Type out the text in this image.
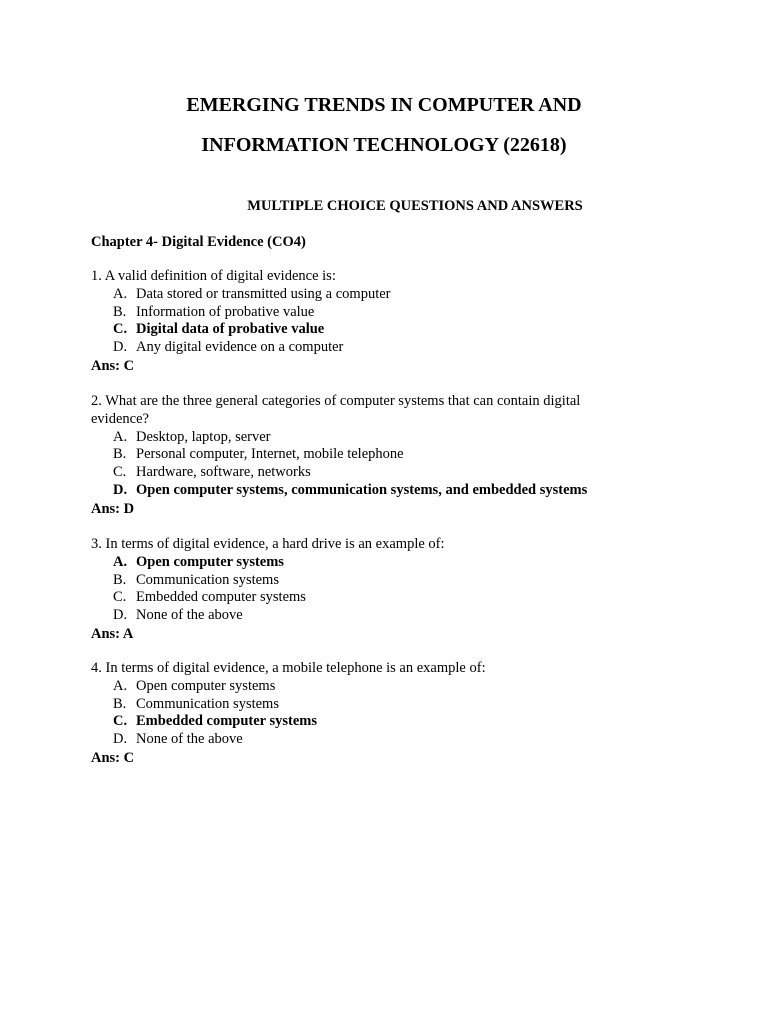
EMERGING TRENDS IN COMPUTER AND
INFORMATION TECHNOLOGY (22618)
MULTIPLE CHOICE QUESTIONS AND ANSWERS
Chapter 4- Digital Evidence (CO4)
1. A valid definition of digital evidence is:
A. Data stored or transmitted using a computer
B. Information of probative value
C. Digital data of probative value
D. Any digital evidence on a computer
Ans: C
2. What are the three general categories of computer systems that can contain digital evidence?
A. Desktop, laptop, server
B. Personal computer, Internet, mobile telephone
C. Hardware, software, networks
D. Open computer systems, communication systems, and embedded systems
Ans: D
3. In terms of digital evidence, a hard drive is an example of:
A. Open computer systems
B. Communication systems
C. Embedded computer systems
D. None of the above
Ans: A
4. In terms of digital evidence, a mobile telephone is an example of:
A. Open computer systems
B. Communication systems
C. Embedded computer systems
D. None of the above
Ans: C
